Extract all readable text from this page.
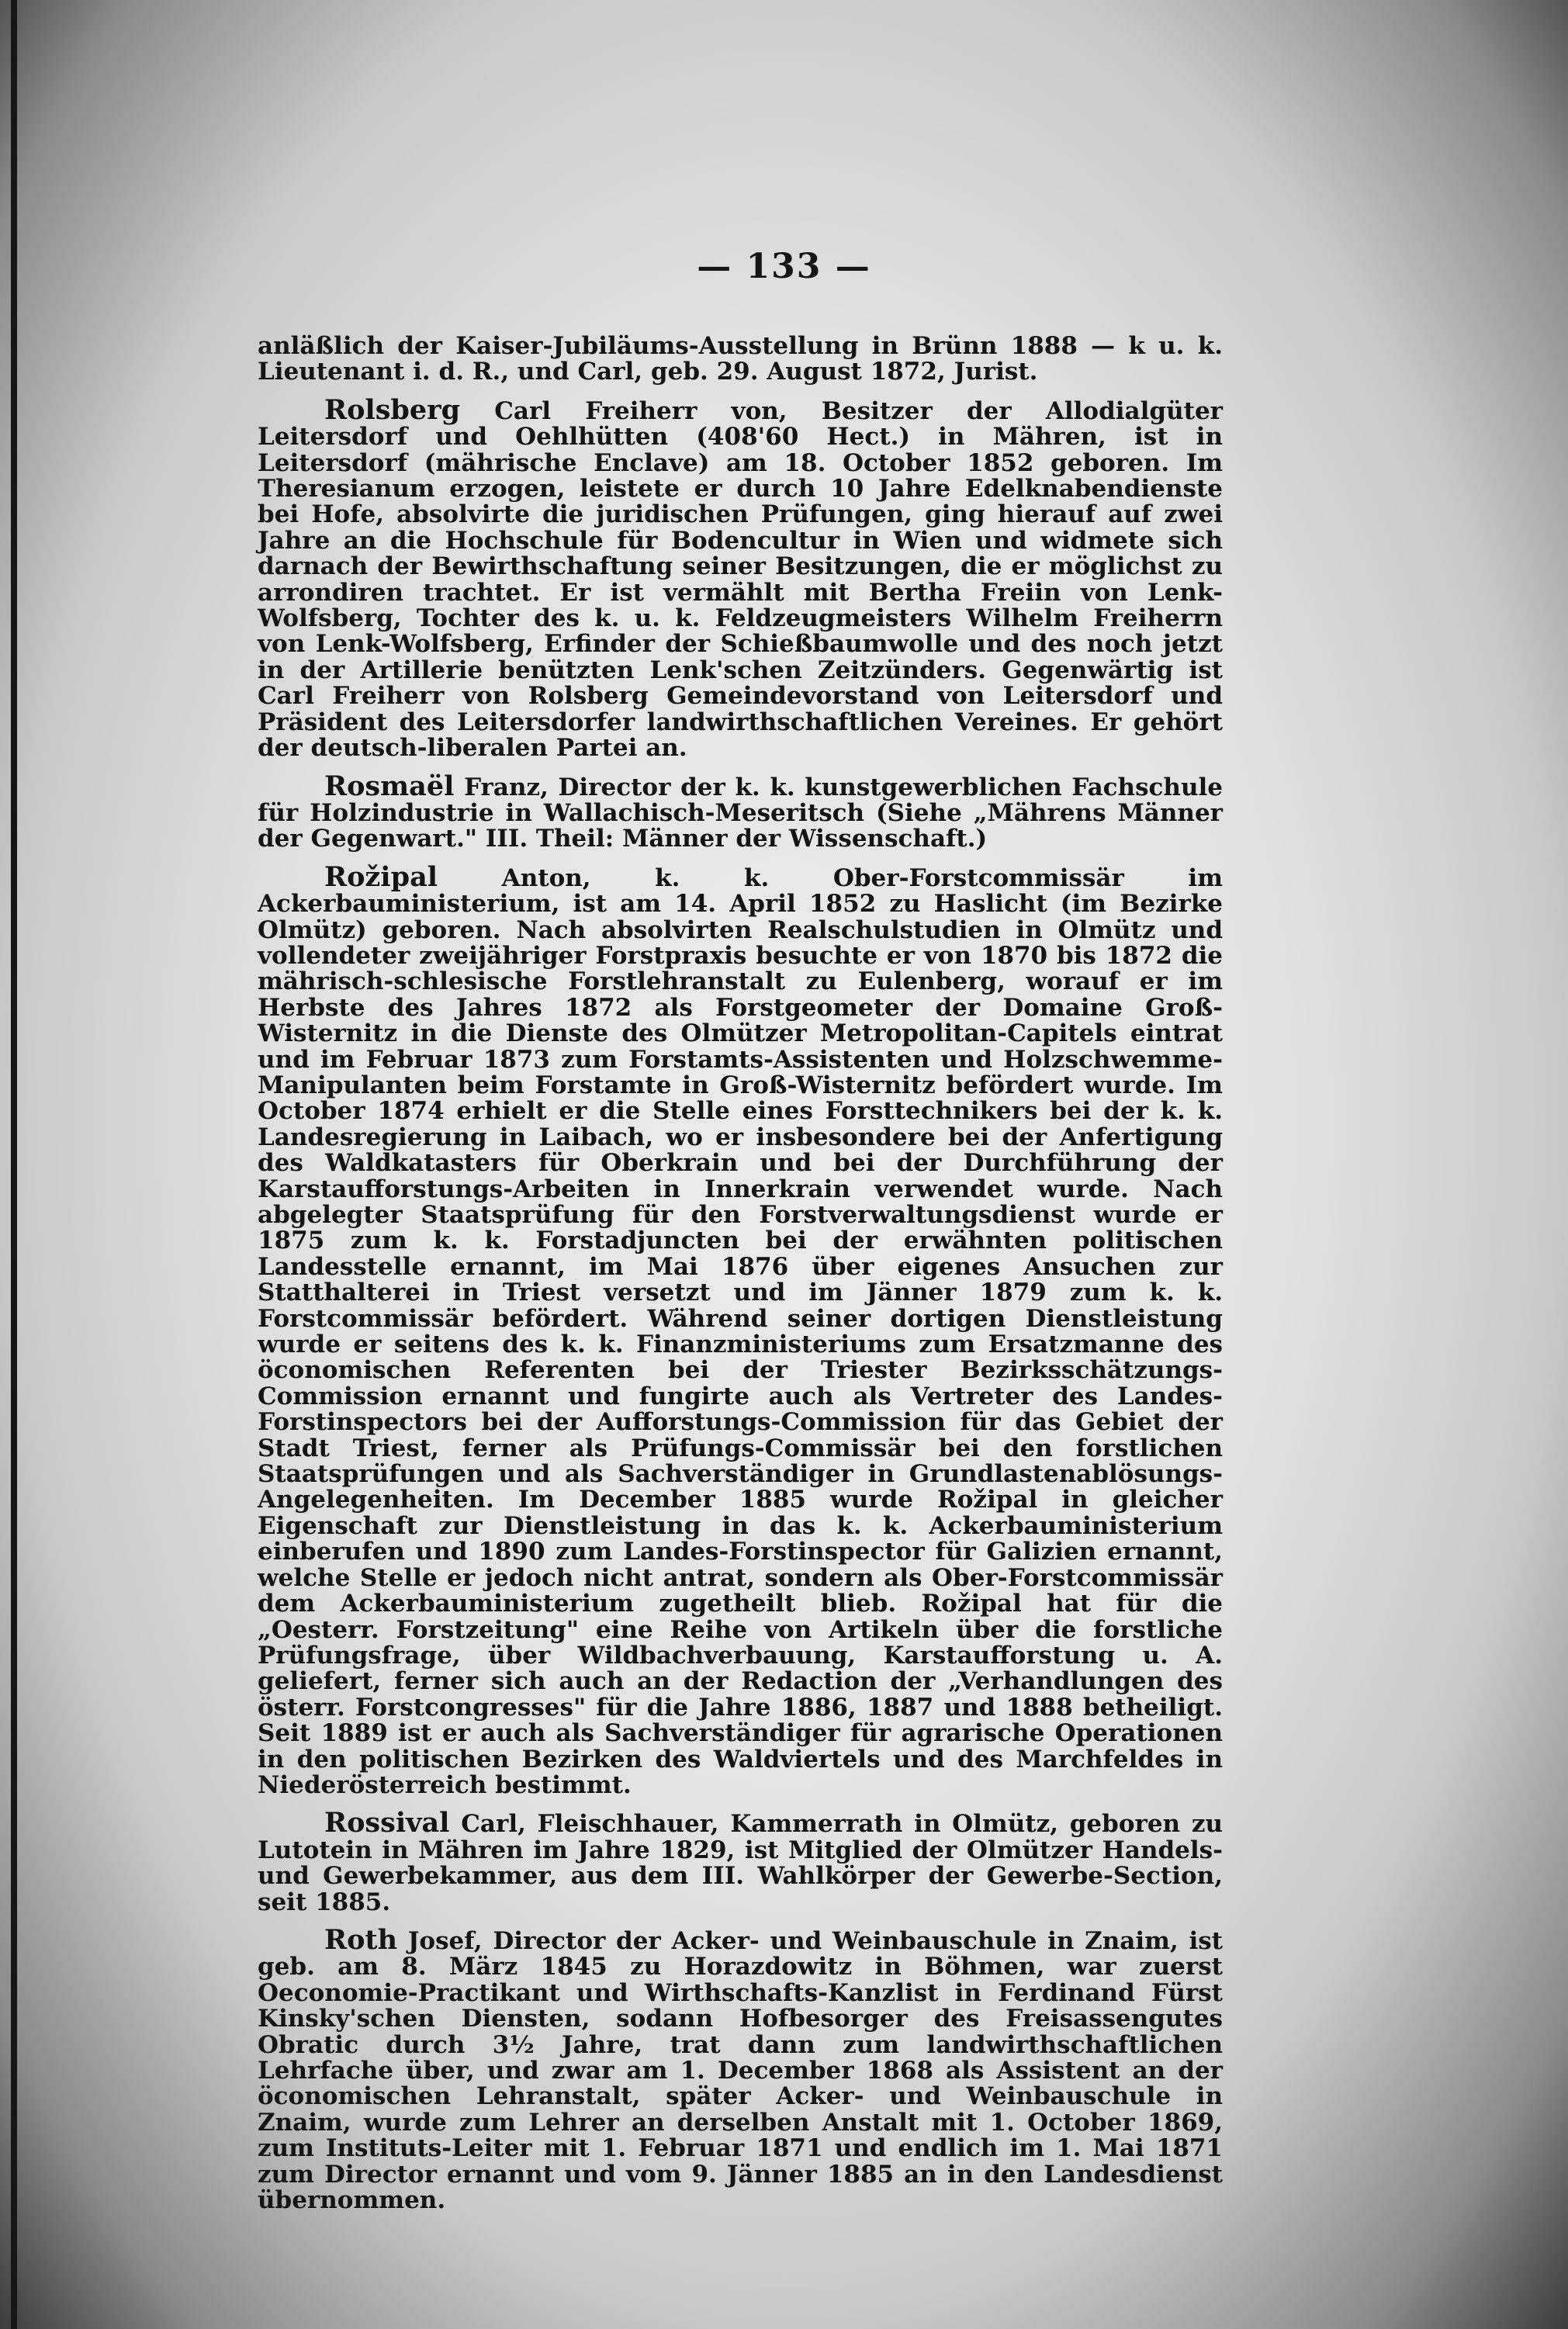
— 133 —

anläßlich der Kaiser-Jubiläums-Ausstellung in Brünn 1888 — k u. k. Lieutenant i. d. R., und Carl, geb. 29. August 1872, Jurist.

Rolsberg Carl Freiherr von, Besitzer der Allodialgüter Leitersdorf und Oehlhütten (408'60 Hect.) in Mähren, ist in Leitersdorf (mährische Enclave) am 18. October 1852 geboren. Im Theresianum erzogen, leistete er durch 10 Jahre Edelknabendienste bei Hofe, absolvirte die juridischen Prüfungen, ging hierauf auf zwei Jahre an die Hochschule für Bodencultur in Wien und widmete sich darnach der Bewirthschaftung seiner Besitzungen, die er möglichst zu arrondiren trachtet. Er ist vermählt mit Bertha Freiin von Lenk-Wolfsberg, Tochter des k. u. k. Feldzeugmeisters Wilhelm Freiherrn von Lenk-Wolfsberg, Erfinder der Schießbaumwolle und des noch jetzt in der Artillerie benützten Lenk'schen Zeitzünders. Gegenwärtig ist Carl Freiherr von Rolsberg Gemeindevorstand von Leitersdorf und Präsident des Leitersdorfer landwirthschaftlichen Vereines. Er gehört der deutsch-liberalen Partei an.

Rosmaël Franz, Director der k. k. kunstgewerblichen Fachschule für Holzindustrie in Wallachisch-Meseritsch (Siehe „Mährens Männer der Gegenwart." III. Theil: Männer der Wissenschaft.)

Rožipal	Anton, k. k. Ober-Forstcommissär im Ackerbauministerium, ist am 14. April 1852 zu Haslicht (im Bezirke Olmütz) geboren. Nach absolvirten Realschulstudien in Olmütz und vollendeter zweijähriger Forstpraxis besuchte er von 1870 bis 1872 die mährisch-schlesische Forstlehranstalt zu Eulenberg, worauf er im Herbste des Jahres 1872 als Forstgeometer der Domaine Groß-Wisternitz in die Dienste des Olmützer Metropolitan-Capitels eintrat und im Februar 1873 zum Forstamts-Assistenten und Holzschwemme-Manipulanten beim Forstamte in Groß-Wisternitz befördert wurde. Im October 1874 erhielt er die Stelle eines Forsttechnikers bei der k. k. Landesregierung in Laibach, wo er insbesondere bei der Anfertigung des Waldkatasters für Oberkrain und bei der Durchführung der Karstaufforstungs-Arbeiten in Innerkrain verwendet wurde. Nach abgelegter Staatsprüfung für den Forstverwaltungsdienst wurde er 1875 zum k. k. Forstadjuncten bei der erwähnten politischen Landesstelle ernannt, im Mai 1876 über eigenes Ansuchen zur Statthalterei in Triest versetzt und im Jänner 1879 zum k. k. Forstcommissär befördert. Während seiner dortigen Dienstleistung wurde er seitens des k. k. Finanzministeriums zum Ersatzmanne des öconomischen Referenten bei der Triester Bezirksschätzungs-Commission ernannt und fungirte auch als Vertreter des Landes-Forstinspectors bei der Aufforstungs-Commission für das Gebiet der Stadt Triest, ferner als Prüfungs-Commissär bei den forstlichen Staatsprüfungen und als Sachverständiger in Grundlastenablösungs-Angelegenheiten. Im December 1885 wurde Rožipal in gleicher Eigenschaft zur Dienstleistung in das k. k. Ackerbauministerium einberufen und 1890 zum Landes-Forstinspector für Galizien ernannt, welche Stelle er jedoch nicht antrat, sondern als Ober-Forstcommissär dem Ackerbauministerium zugetheilt blieb. Rožipal hat für die „Oesterr. Forstzeitung" eine Reihe von Artikeln über die forstliche Prüfungsfrage, über Wildbachverbauung, Karstaufforstung u. A. geliefert, ferner sich auch an der Redaction der „Verhandlungen des österr. Forstcongresses" für die Jahre 1886, 1887 und 1888 betheiligt. Seit 1889 ist er auch als Sachverständiger für agrarische Operationen in den politischen Bezirken des Waldviertels und des Marchfeldes in Niederösterreich bestimmt.

Rossival Carl, Fleischhauer, Kammerrath in Olmütz, geboren zu Lutotein in Mähren im Jahre 1829, ist Mitglied der Olmützer Handels- und Gewerbekammer, aus dem III. Wahlkörper der Gewerbe-Section, seit 1885.

Roth Josef, Director der Acker- und Weinbauschule in Znaim, ist geb. am 8. März 1845 zu Horazdowitz in Böhmen, war zuerst Oeconomie-Practikant und Wirthschafts-Kanzlist in Ferdinand Fürst Kinsky'schen Diensten, sodann Hofbesorger des Freisassengutes Obratic durch 3½ Jahre, trat dann zum landwirthschaftlichen Lehrfache über, und zwar am 1. December 1868 als Assistent an der öconomischen Lehranstalt, später Acker- und Weinbauschule in Znaim, wurde zum Lehrer an derselben Anstalt mit 1. October 1869, zum Instituts-Leiter mit 1. Februar 1871 und endlich im 1. Mai 1871 zum Director ernannt und vom 9. Jänner 1885 an in den Landesdienst übernommen.
